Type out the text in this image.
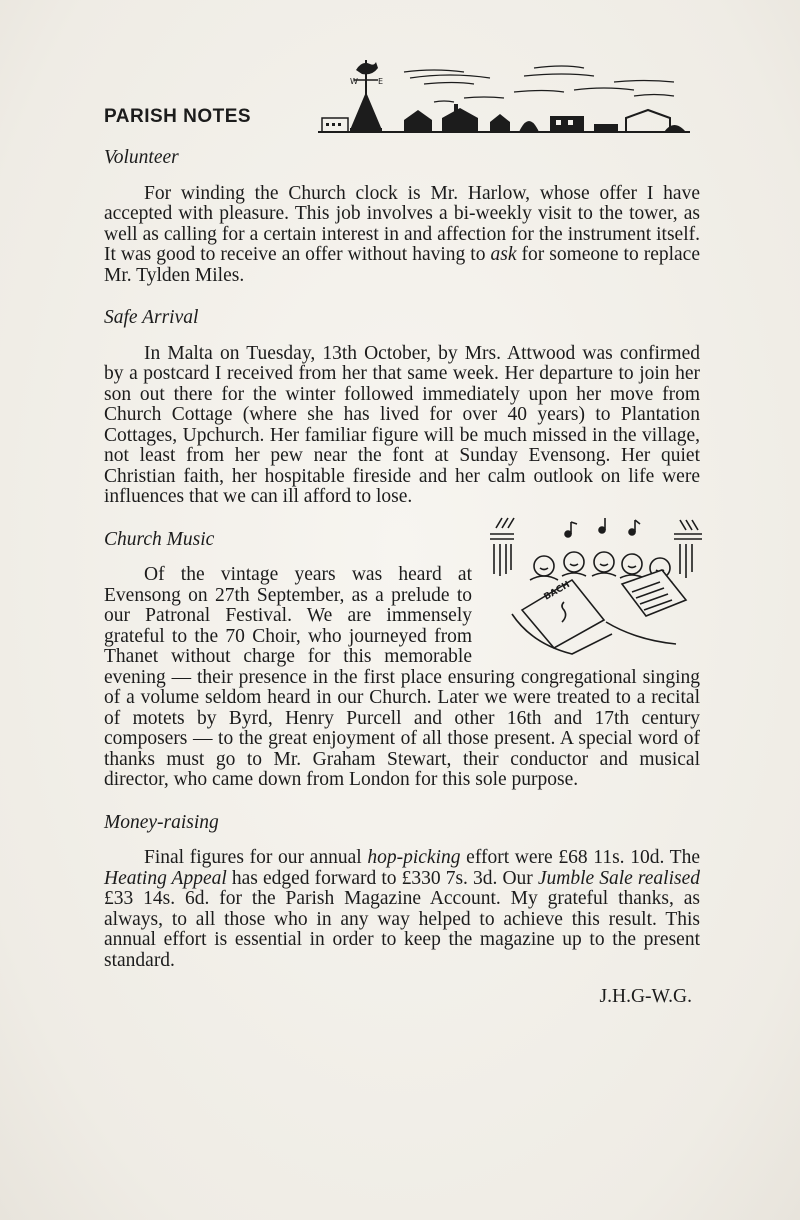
PARISH NOTES
W	E

Volunteer

For winding the Church clock is Mr. Harlow, whose offer I have accepted with pleasure. This job involves a bi-weekly visit to the tower, as well as calling for a certain interest in and affection for the instrument itself. It was good to receive an offer without having to ask for someone to replace Mr. Tylden Miles.

Safe Arrival

In Malta on Tuesday, 13th October, by Mrs. Attwood was confirmed by a postcard I received from her that same week. Her departure to join her son out there for the winter followed immediately upon her move from Church Cottage (where she has lived for over 40 years) to Plantation Cottages, Upchurch. Her familiar figure will be much missed in the village, not least from her pew near the font at Sunday Evensong. Her quiet Christian faith, her hospitable fireside and her calm outlook on life were influences that we can ill afford to lose.

BACH

Church Music

Of the vintage years was heard at Evensong on 27th September, as a prelude to our Patronal Festival. We are immensely grateful to the 70 Choir, who journeyed from Thanet without charge for this memorable evening — their presence in the first place ensuring congregational singing of a volume seldom heard in our Church. Later we were treated to a recital of motets by Byrd, Henry Purcell and other 16th and 17th century composers — to the great enjoyment of all those present. A special word of thanks must go to Mr. Graham Stewart, their conductor and musical director, who came down from London for this sole purpose.

Money-raising

Final figures for our annual hop-picking effort were £68 11s. 10d. The Heating Appeal has edged forward to £330 7s. 3d. Our Jumble Sale realised £33 14s. 6d. for the Parish Magazine Account. My grateful thanks, as always, to all those who in any way helped to achieve this result. This annual effort is essential in order to keep the magazine up to the present standard.

J.H.G-W.G.
